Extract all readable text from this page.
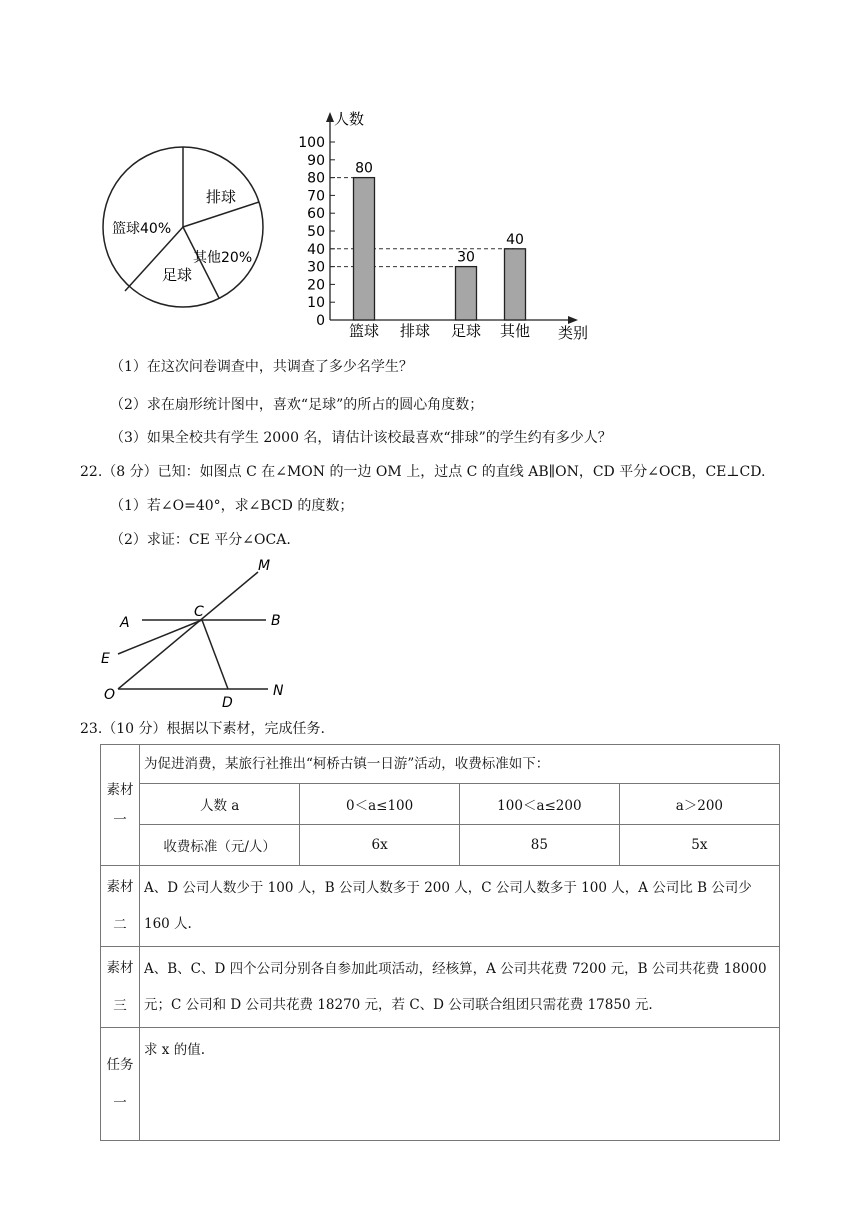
篮球40%
排球
足球
其他20%
人数
类别
0
10
20
30
40
50
60
70
80
90
100
80
篮球 排球
30
足球
40
其他
（1）在这次问卷调查中，共调查了多少名学生？
（2）求在扇形统计图中，喜欢“足球”的所占的圆心角度数；
（3）如果全校共有学生 2000 名，请估计该校最喜欢“排球”的学生约有多少人？
22.（8 分）已知：如图点 C 在∠MON 的一边 OM 上，过点 C 的直线 AB∥ON，CD 平分∠OCB，CE⊥CD.
（1）若∠O=40°，求∠BCD 的度数；
（2）求证：CE 平分∠OCA.
M
A
C
B
E
O	D
N
23.（10 分）根据以下素材，完成任务.
素材一	
为促进消费，某旅行社推出“柯桥古镇一日游”活动，收费标准如下：
人数 a	0＜a≤100	100＜a≤200	a＞200
收费标准（元/人）	6x	85	5x

素材二	A、D 公司人数少于 100 人，B 公司人数多于 200 人，C 公司人数多于 100 人，A 公司比 B 公司少 160 人.
素材三	A、B、C、D 四个公司分别各自参加此项活动，经核算，A 公司共花费 7200 元，B 公司共花费 18000 元；C 公司和 D 公司共花费 18270 元，若 C、D 公司联合组团只需花费 17850 元.
任务一	求 x 的值.
